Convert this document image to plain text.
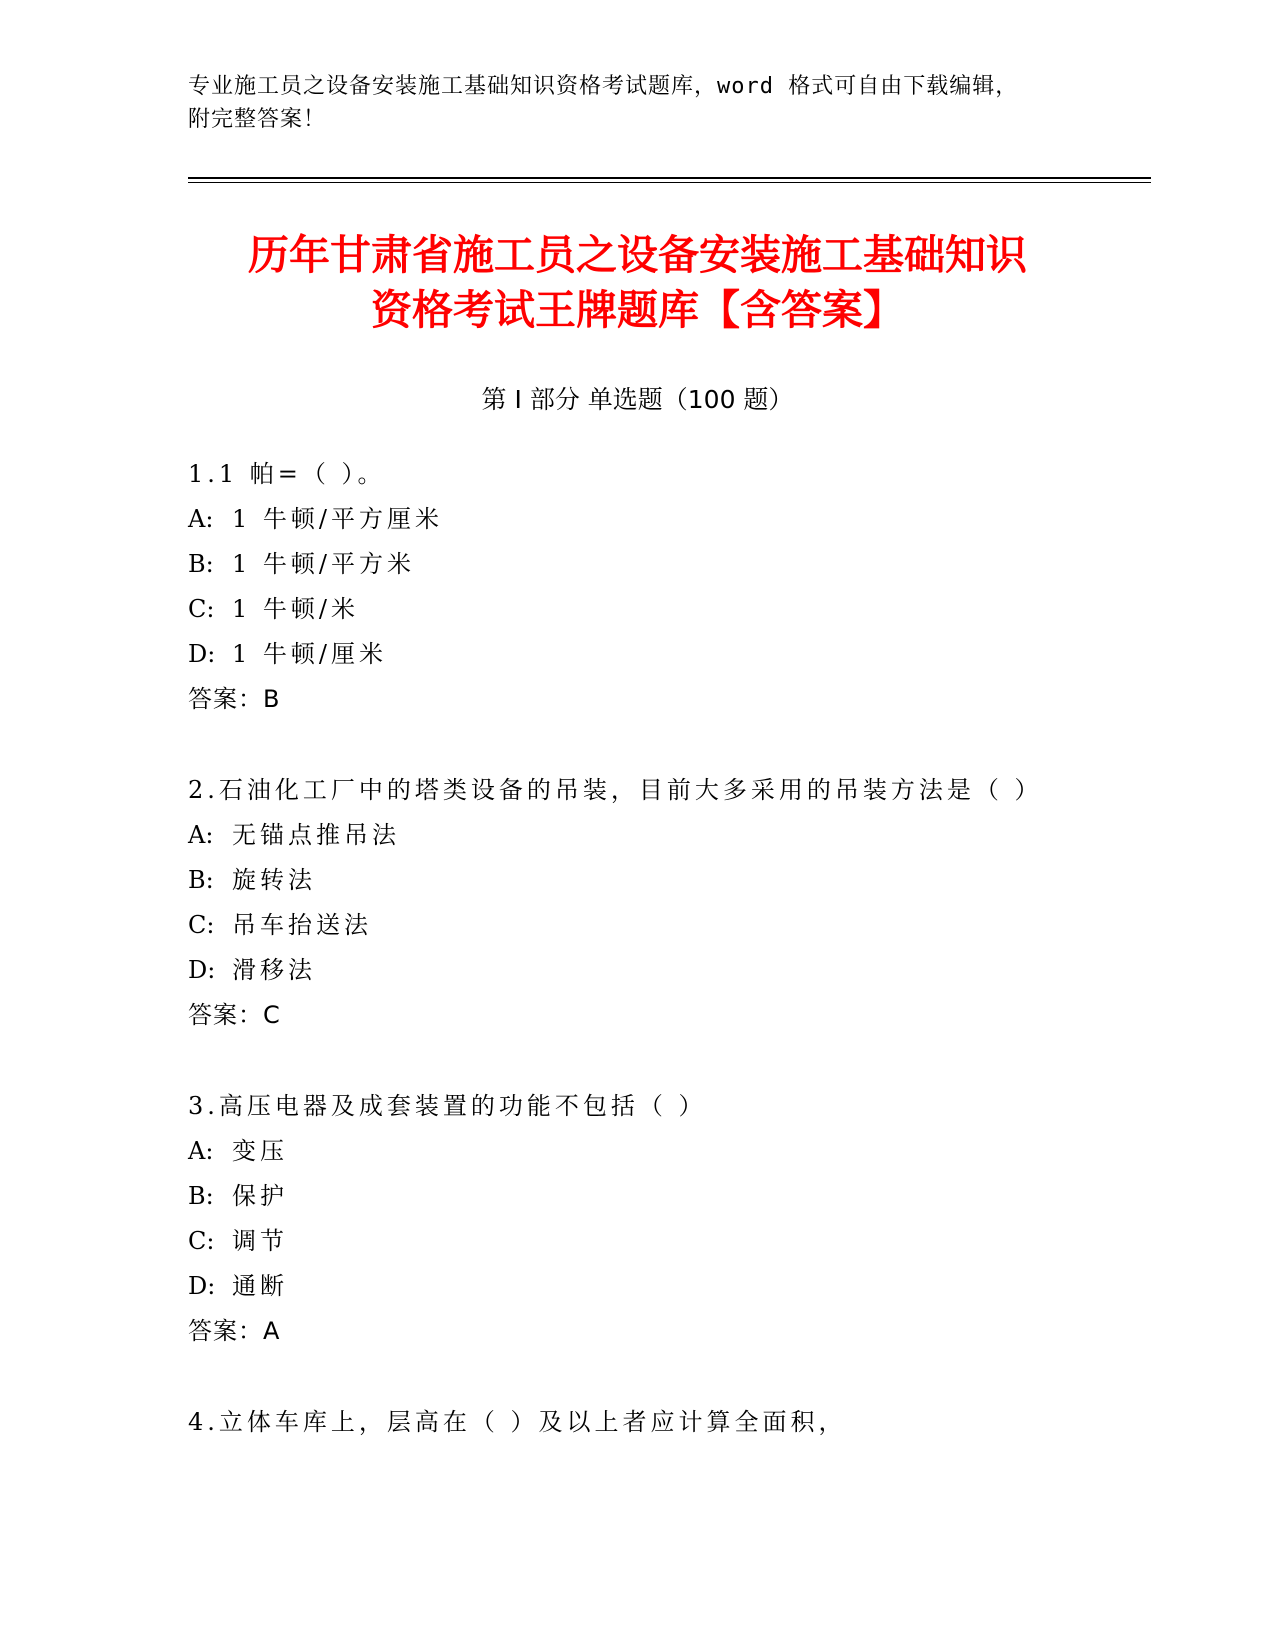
专业施工员之设备安装施工基础知识资格考试题库，word 格式可自由下载编辑，
附完整答案！
历年甘肃省施工员之设备安装施工基础知识
资格考试王牌题库【含答案】
第 I 部分 单选题（100 题）
1.1 帕=（ ）。
A: 1 牛顿/平方厘米
B: 1 牛顿/平方米
C: 1 牛顿/米
D: 1 牛顿/厘米
答案：B
2.石油化工厂中的塔类设备的吊装，目前大多采用的吊装方法是（ ）
A: 无锚点推吊法
B: 旋转法
C: 吊车抬送法
D: 滑移法
答案：C
3.高压电器及成套装置的功能不包括（ ）
A: 变压
B: 保护
C: 调节
D: 通断
答案：A
4.立体车库上，层高在（ ）及以上者应计算全面积，
